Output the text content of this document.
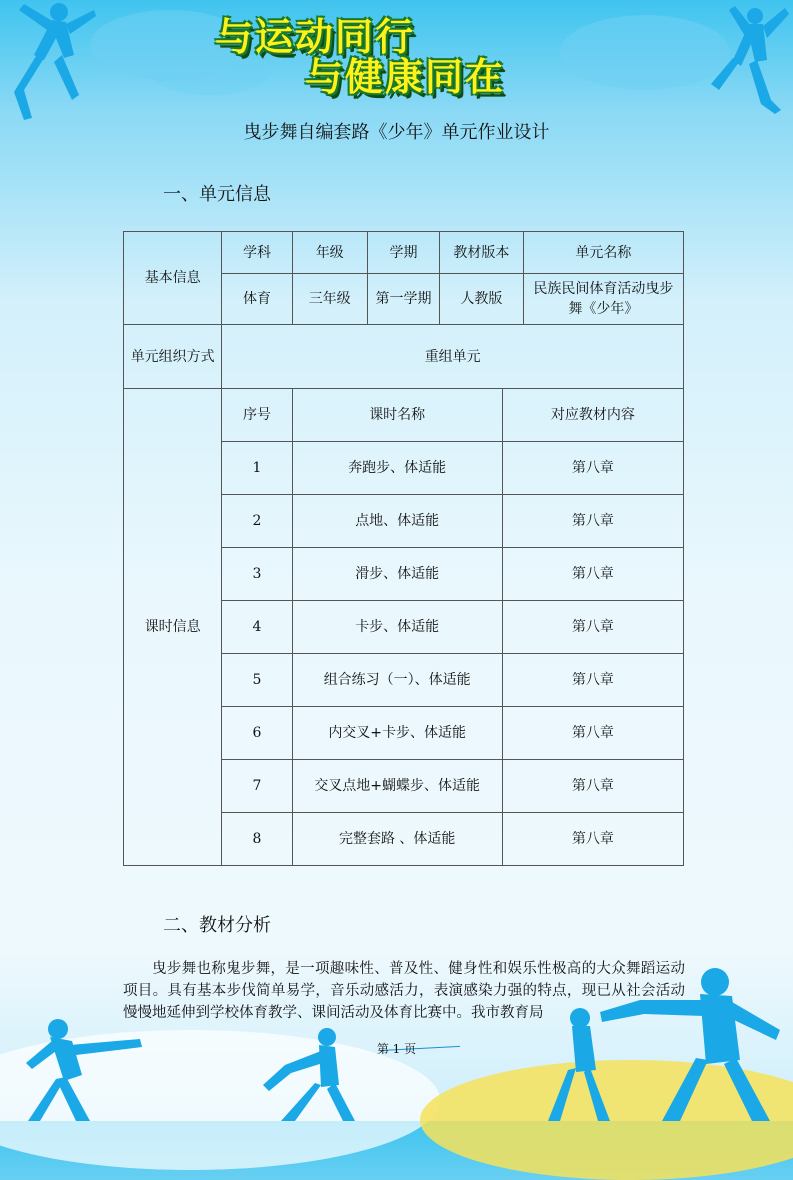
与运动同行
与健康同在
曳步舞自编套路《少年》单元作业设计
一、单元信息
基本信息	学科	年级	学期	教材版本		单元名称
	体育	三年级	第一学期	人教版		民族民间体育活动曳步舞《少年》
单元组织方式	重组单元					
课时信息	序号	课时名称			对应教材内容	
	1	奔跑步、体适能			第八章	
	2	点地、体适能			第八章	
	3	滑步、体适能			第八章	
	4	卡步、体适能			第八章	
	5	组合练习（一）、体适能			第八章	
	6	内交叉+卡步、体适能			第八章	
	7	交叉点地+蝴蝶步、体适能			第八章	
	8	完整套路 、体适能			第八章	
二、教材分析
曳步舞也称鬼步舞，是一项趣味性、普及性、健身性和娱乐性极高的大众舞蹈运动项目。具有基本步伐简单易学，音乐动感活力，表演感染力强的特点，现已从社会活动慢慢地延伸到学校体育教学、课间活动及体育比赛中。我市教育局
第 1 页
